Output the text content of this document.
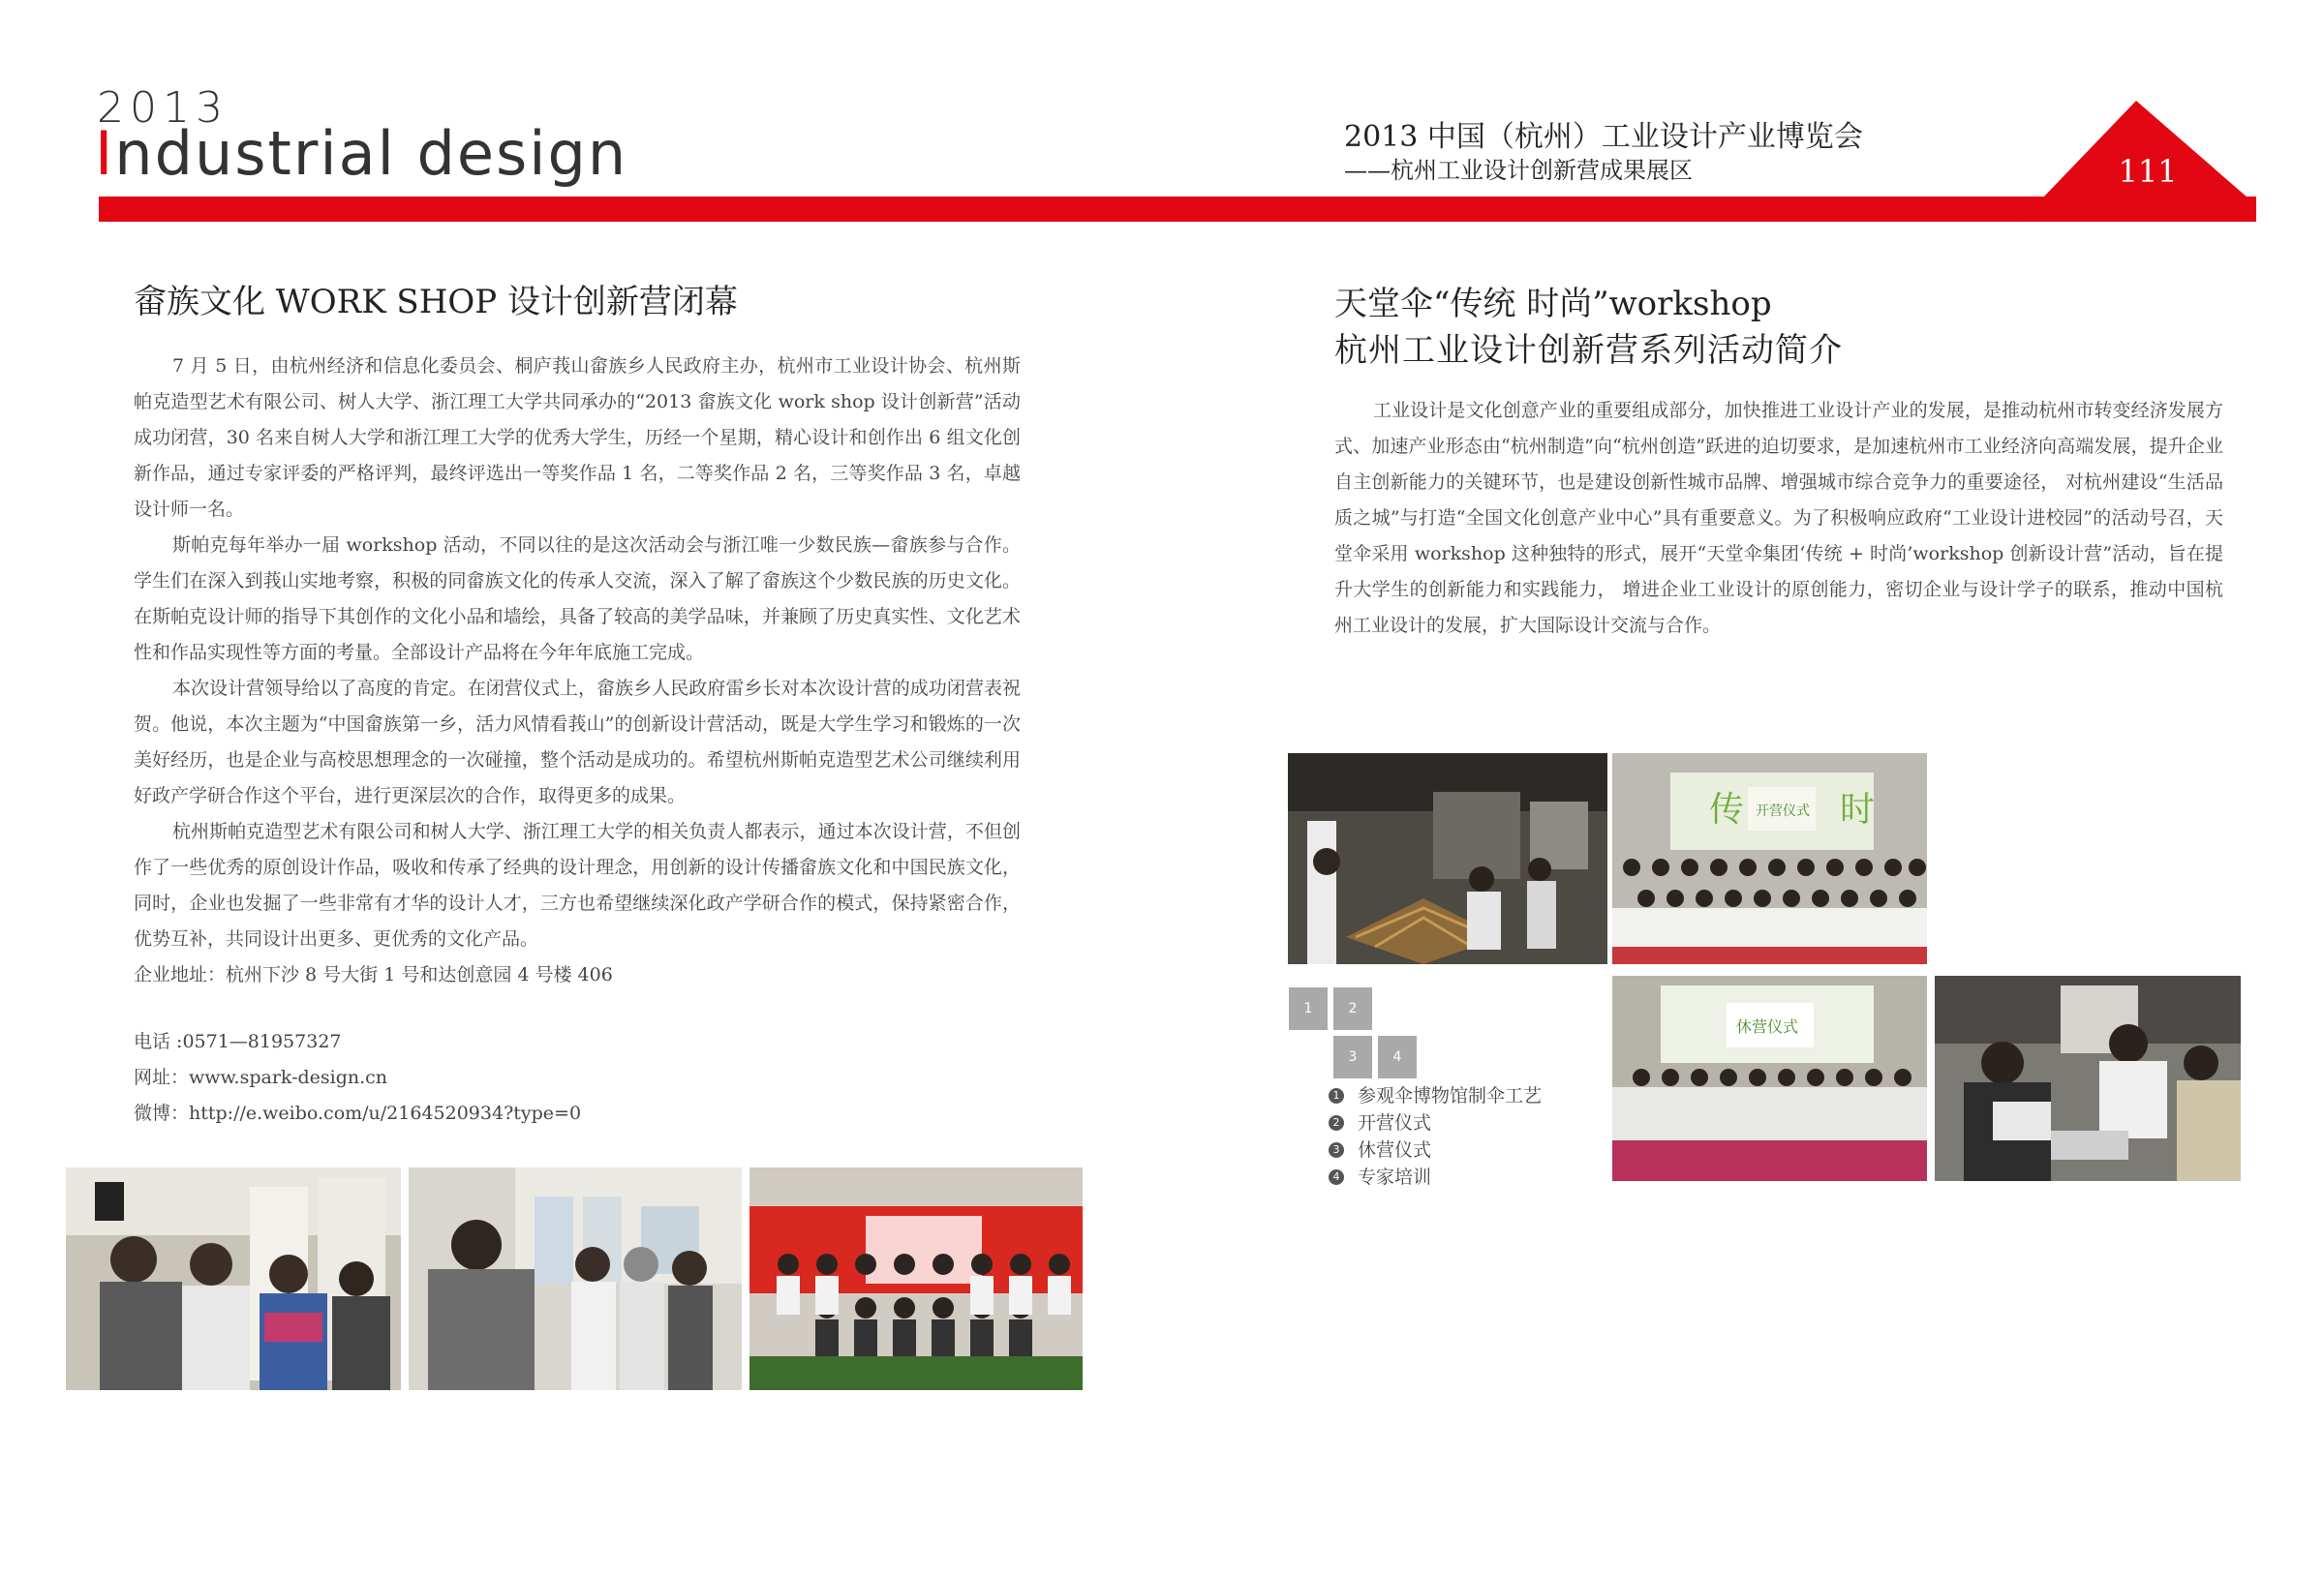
2013
Industrial design	2013 中国（杭州）工业设计产业博览会
——杭州工业设计创新营成果展区	111
畲族文化 WORK SHOP 设计创新营闭幕

7 月 5 日，由杭州经济和信息化委员会、桐庐莪山畲族乡人民政府主办，杭州市工业设计协会、杭州斯帕克造型艺术有限公司、树人大学、浙江理工大学共同承办的“2013 畲族文化 work shop 设计创新营”活动成功闭营，30 名来自树人大学和浙江理工大学的优秀大学生，历经一个星期，精心设计和创作出 6 组文化创新作品，通过专家评委的严格评判，最终评选出一等奖作品 1 名，二等奖作品 2 名，三等奖作品 3 名，卓越设计师一名。

斯帕克每年举办一届 workshop 活动，不同以往的是这次活动会与浙江唯一少数民族—畲族参与合作。学生们在深入到莪山实地考察，积极的同畲族文化的传承人交流，深入了解了畲族这个少数民族的历史文化。在斯帕克设计师的指导下其创作的文化小品和墙绘，具备了较高的美学品味，并兼顾了历史真实性、文化艺术性和作品实现性等方面的考量。全部设计产品将在今年年底施工完成。

本次设计营领导给以了高度的肯定。在闭营仪式上，畲族乡人民政府雷乡长对本次设计营的成功闭营表祝贺。他说，本次主题为“中国畲族第一乡，活力风情看莪山”的创新设计营活动，既是大学生学习和锻炼的一次美好经历，也是企业与高校思想理念的一次碰撞，整个活动是成功的。希望杭州斯帕克造型艺术公司继续利用好政产学研合作这个平台，进行更深层次的合作，取得更多的成果。

杭州斯帕克造型艺术有限公司和树人大学、浙江理工大学的相关负责人都表示，通过本次设计营，不但创作了一些优秀的原创设计作品，吸收和传承了经典的设计理念，用创新的设计传播畲族文化和中国民族文化，同时，企业也发掘了一些非常有才华的设计人才，三方也希望继续深化政产学研合作的模式，保持紧密合作，优势互补，共同设计出更多、更优秀的文化产品。

企业地址：杭州下沙 8 号大街 1 号和达创意园 4 号楼 406

电话 :0571—81957327
网址：www.spark-design.cn
微博：http://e.weibo.com/u/2164520934?type=0
天堂伞“传统 时尚”workshop
杭州工业设计创新营系列活动简介

工业设计是文化创意产业的重要组成部分，加快推进工业设计产业的发展，是推动杭州市转变经济发展方式、加速产业形态由“杭州制造”向“杭州创造”跃进的迫切要求，是加速杭州市工业经济向高端发展，提升企业自主创新能力的关键环节，也是建设创新性城市品牌、增强城市综合竞争力的重要途径， 对杭州建设“生活品质之城”与打造“全国文化创意产业中心”具有重要意义。为了积极响应政府“工业设计进校园”的活动号召，天堂伞采用 workshop 这种独特的形式，展开“天堂伞集团‘传统 + 时尚’workshop 创新设计营”活动，旨在提升大学生的创新能力和实践能力， 增进企业工业设计的原创能力，密切企业与设计学子的联系，推动中国杭州工业设计的发展，扩大国际设计交流与合作。

传	时
开营仪式
休营仪式
1	2
3	4
1 参观伞博物馆制伞工艺
2 开营仪式
3 休营仪式
4 专家培训
